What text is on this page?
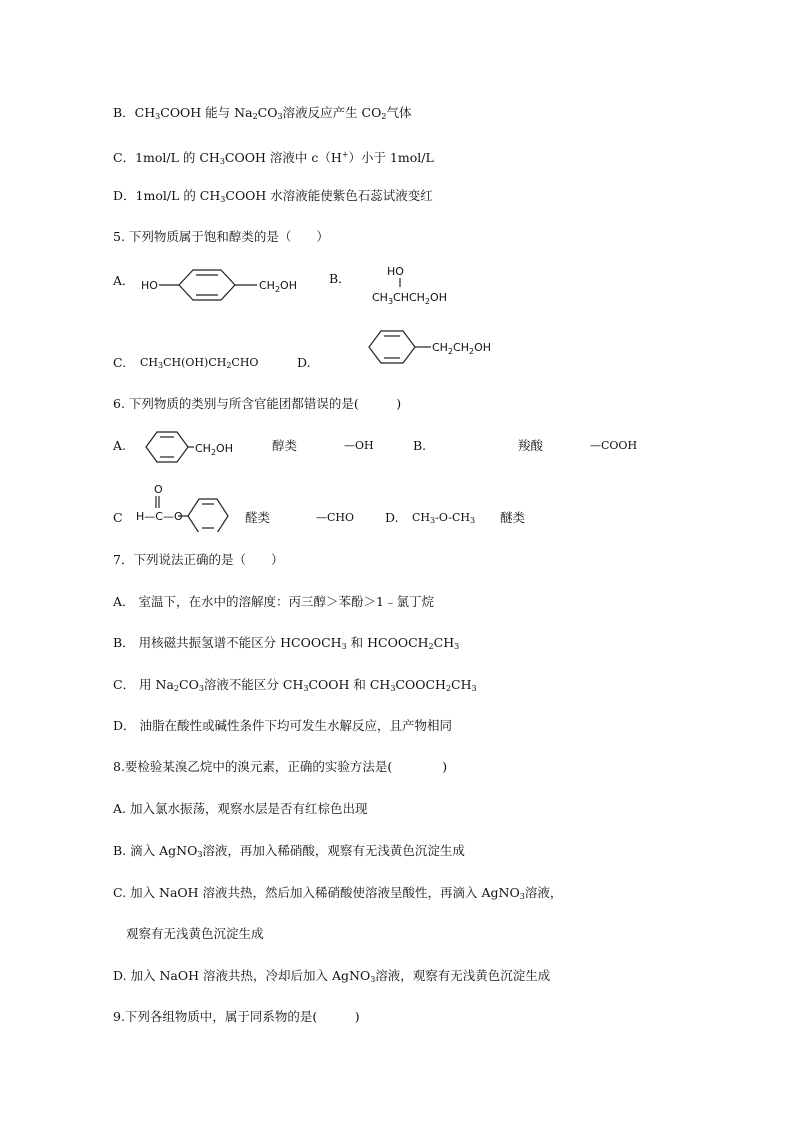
B．$CH_3COOH$ 能与 $Na_2CO_3$溶液反应产生 $CO_2$气体
C．1mol/L 的 $CH_3COOH$ 溶液中 c（H+）小于 1mol/L
D．1mol/L 的 $CH_3COOH$ 水溶液能使紫色石蕊试液变红
5. 下列物质属于饱和醇类的是（　　）
A． HO	$CH_2OH$	B．	HO
$CH_3CHCH_2OH$
C. $CH_3CH(OH)CH_2CHO$	D.
$CH_2CH_2OH$
6. 下列物质的类别与所含官能团都错误的是(　　　)
A.	$CH_2OH$	醇类	—OH	B.	羧酸	—COOH
C
O
H—C—O	醛类	—CHO D. $CH_3-O-CH_3$ 醚类
7．下列说法正确的是（　　）
A． 室温下，在水中的溶解度：丙三醇＞苯酚＞1﹣氯丁烷
B． 用核磁共振氢谱不能区分 $HCOOCH_3$ 和 $HCOOCH_2CH_3$
C． 用 $Na_2CO_3$溶液不能区分 $CH_3COOH$ 和 $CH_3COOCH_2CH_3$
D． 油脂在酸性或碱性条件下均可发生水解反应，且产物相同
8.要检验某溴乙烷中的溴元素，正确的实验方法是(　　　　)
A. 加入氯水振荡，观察水层是否有红棕色出现
B. 滴入 AgNO$_3$溶液，再加入稀硝酸，观察有无浅黄色沉淀生成
C. 加入 NaOH 溶液共热，然后加入稀硝酸使溶液呈酸性，再滴入 AgNO$_3$溶液，
观察有无浅黄色沉淀生成
D. 加入 NaOH 溶液共热，冷却后加入 AgNO$_3$溶液，观察有无浅黄色沉淀生成
9.下列各组物质中，属于同系物的是(　　　)
